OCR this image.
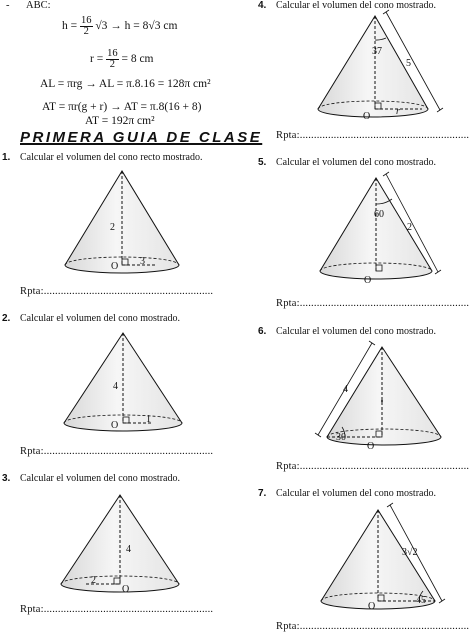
- ABC:
$h = \frac{16}{2} √3 \to h = 8√3$ cm
$r = \frac{16}{2} = 8$ cm
AL = πrg → AL = π.8.16 = 128π cm²
AT = πr(g + r) → AT = π.8(16 + 8)
AT = 192π cm²
PRIMERA GUIA DE CLASE
1. Calcular el volumen del cono recto mostrado.
2
O 3
Rpta:............................................................
2. Calcular el volumen del cono mostrado.
4
O
1
Rpta:............................................................
3. Calcular el volumen del cono mostrado.
4
2
O
Rpta:............................................................
4. Calcular el volumen del cono mostrado.
37
5
O	r
Rpta:............................................................
5. Calcular el volumen del cono mostrado.
60
2
O
Rpta:............................................................
6. Calcular el volumen del cono mostrado.
4
30
O
Rpta:............................................................
7. Calcular el volumen del cono mostrado.
3√2
O
45
Rpta:............................................................
